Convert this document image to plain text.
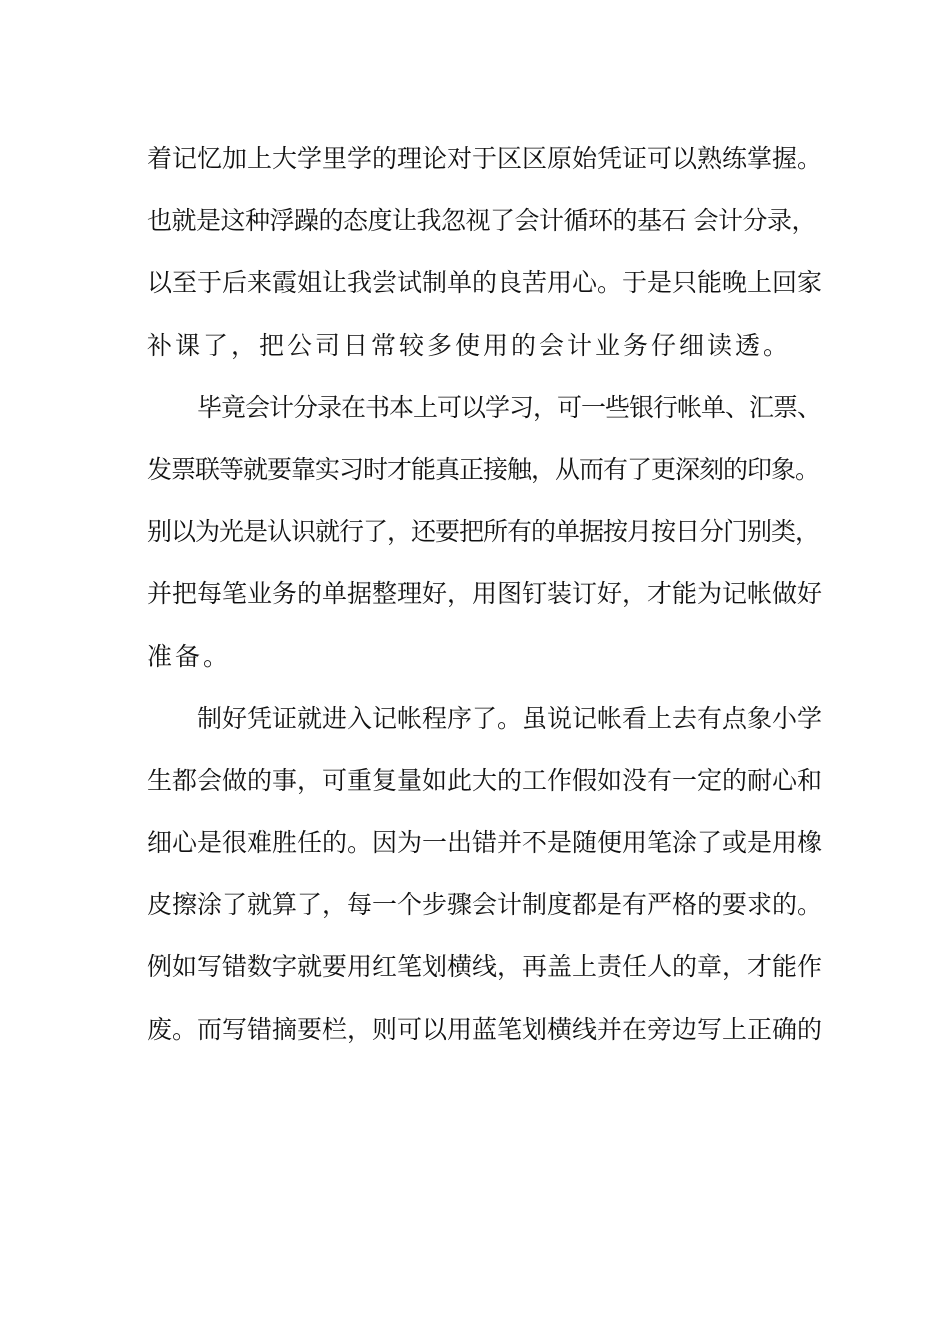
着记忆加上大学里学的理论对于区区原始凭证可以熟练掌握。
也就是这种浮躁的态度让我忽视了会计循环的基石 会计分录，
以至于后来霞姐让我尝试制单的良苦用心。于是只能晚上回家
补课了，把公司日常较多使用的会计业务仔细读透。
毕竟会计分录在书本上可以学习，可一些银行帐单、汇票、
发票联等就要靠实习时才能真正接触，从而有了更深刻的印象。
别以为光是认识就行了，还要把所有的单据按月按日分门别类，
并把每笔业务的单据整理好，用图钉装订好，才能为记帐做好
准备。
制好凭证就进入记帐程序了。虽说记帐看上去有点象小学
生都会做的事，可重复量如此大的工作假如没有一定的耐心和
细心是很难胜任的。因为一出错并不是随便用笔涂了或是用橡
皮擦涂了就算了，每一个步骤会计制度都是有严格的要求的。
例如写错数字就要用红笔划横线，再盖上责任人的章，才能作
废。而写错摘要栏，则可以用蓝笔划横线并在旁边写上正确的
